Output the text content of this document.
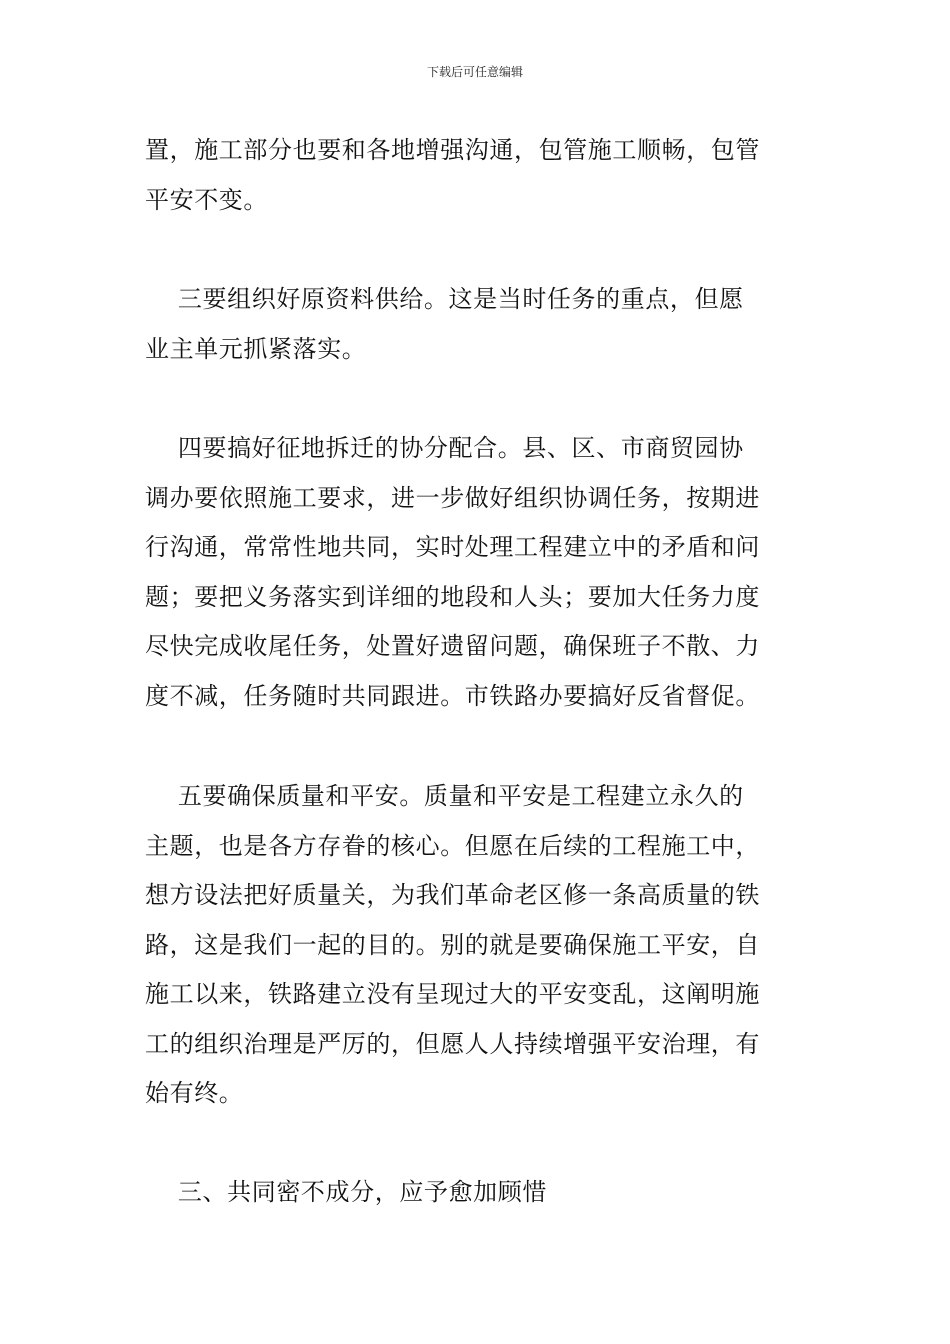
下载后可任意编辑
置，施工部分也要和各地增强沟通，包管施工顺畅，包管
平安不变。
三要组织好原资料供给。这是当时任务的重点，但愿
业主单元抓紧落实。
四要搞好征地拆迁的协分配合。县、区、市商贸园协
调办要依照施工要求，进一步做好组织协调任务，按期进
行沟通，常常性地共同，实时处理工程建立中的矛盾和问
题；要把义务落实到详细的地段和人头；要加大任务力度
尽快完成收尾任务，处置好遗留问题，确保班子不散、力
度不减，任务随时共同跟进。市铁路办要搞好反省督促。
五要确保质量和平安。质量和平安是工程建立永久的
主题，也是各方存眷的核心。但愿在后续的工程施工中，
想方设法把好质量关，为我们革命老区修一条高质量的铁
路，这是我们一起的目的。别的就是要确保施工平安，自
施工以来，铁路建立没有呈现过大的平安变乱，这阐明施
工的组织治理是严厉的，但愿人人持续增强平安治理，有
始有终。
三、共同密不成分，应予愈加顾惜
